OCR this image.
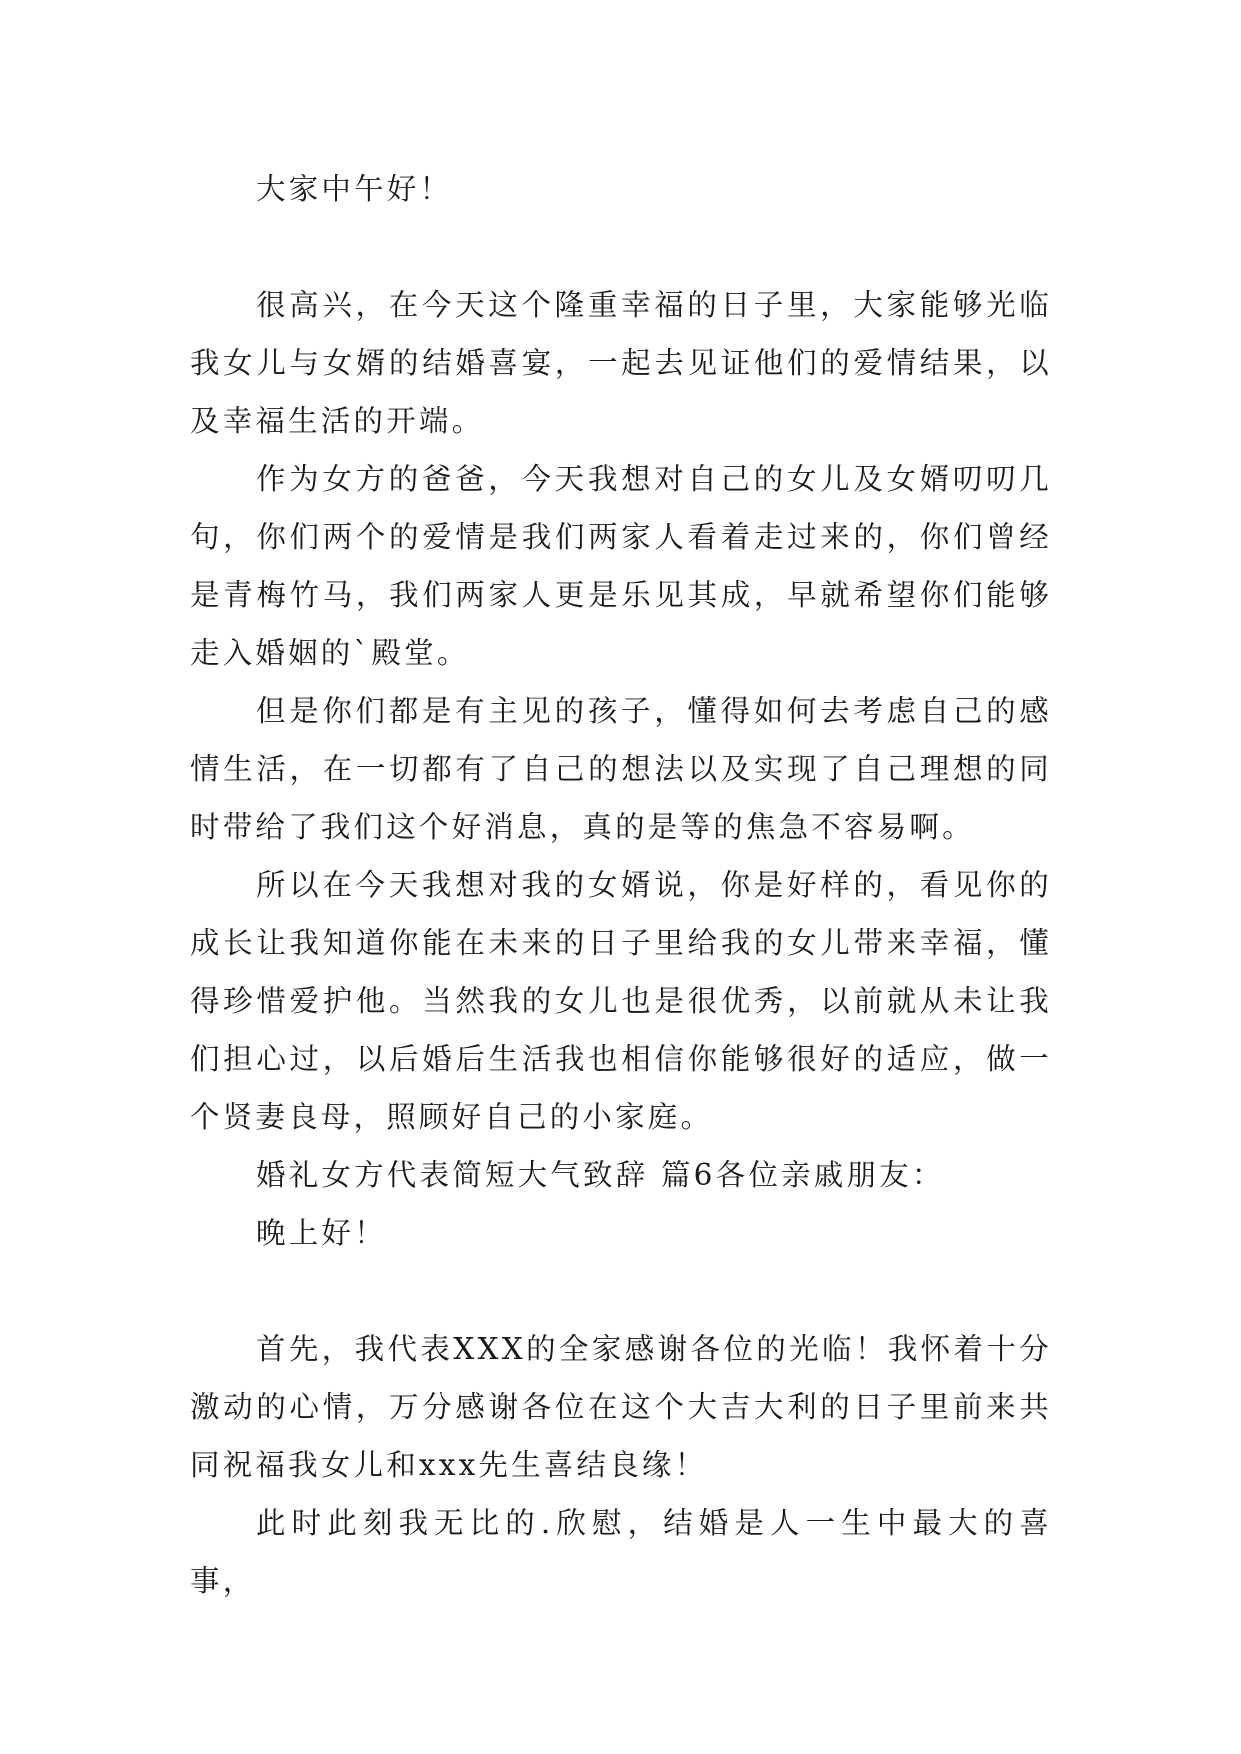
大家中午好！

很高兴，在今天这个隆重幸福的日子里，大家能够光临我女儿与女婿的结婚喜宴，一起去见证他们的爱情结果，以及幸福生活的开端。

作为女方的爸爸，今天我想对自己的女儿及女婿叨叨几句，你们两个的爱情是我们两家人看着走过来的，你们曾经是青梅竹马，我们两家人更是乐见其成，早就希望你们能够走入婚姻的`殿堂。

但是你们都是有主见的孩子，懂得如何去考虑自己的感情生活，在一切都有了自己的想法以及实现了自己理想的同时带给了我们这个好消息，真的是等的焦急不容易啊。

所以在今天我想对我的女婿说，你是好样的，看见你的成长让我知道你能在未来的日子里给我的女儿带来幸福，懂得珍惜爱护他。当然我的女儿也是很优秀，以前就从未让我们担心过，以后婚后生活我也相信你能够很好的适应，做一个贤妻良母，照顾好自己的小家庭。

婚礼女方代表简短大气致辞 篇6各位亲戚朋友：

晚上好！

首先，我代表XXX的全家感谢各位的光临！我怀着十分激动的心情，万分感谢各位在这个大吉大利的日子里前来共同祝福我女儿和xxx先生喜结良缘！

此时此刻我无比的.欣慰，结婚是人一生中最大的喜事，
